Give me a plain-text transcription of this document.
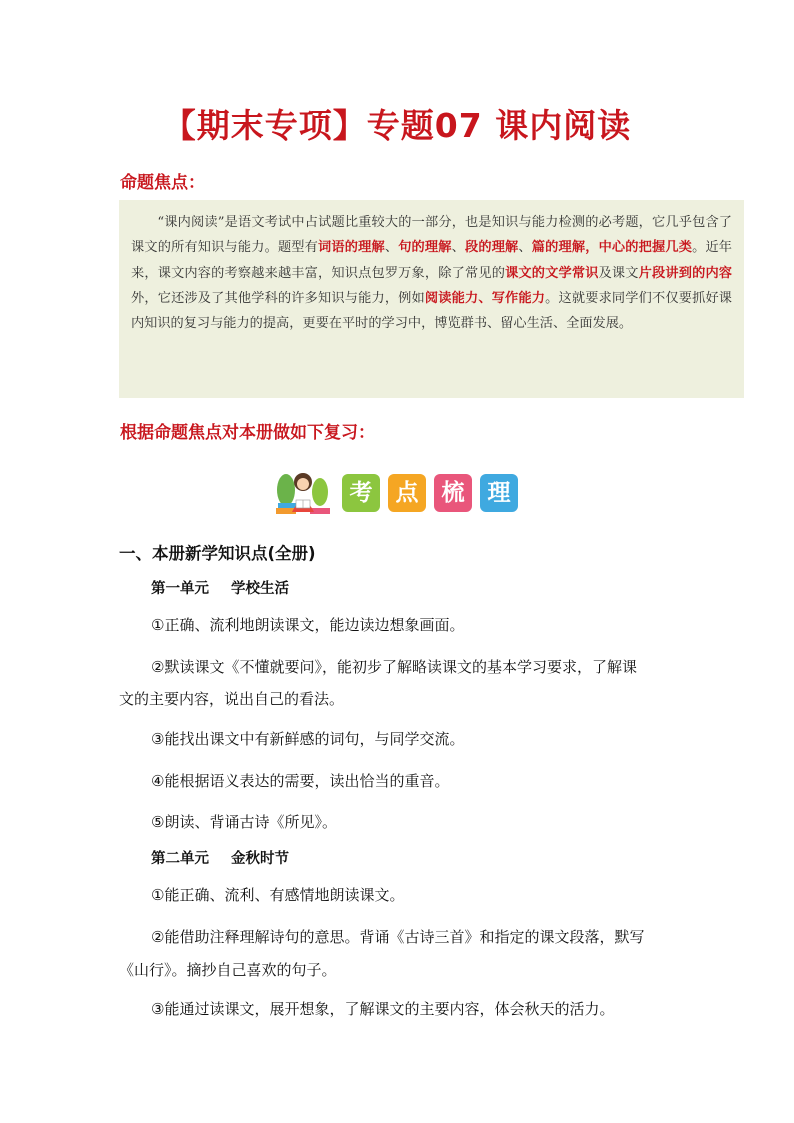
【期末专项】专题07 课内阅读
命题焦点：

“课内阅读”是语文考试中占试题比重较大的一部分，也是知识与能力检测的必考题，它几乎包含了课文的所有知识与能力。题型有词语的理解、句的理解、段的理解、篇的理解，中心的把握几类。近年来，课文内容的考察越来越丰富，知识点包罗万象，除了常见的课文的文学常识及课文片段讲到的内容外，它还涉及了其他学科的许多知识与能力，例如阅读能力、写作能力。这就要求同学们不仅要抓好课内知识的复习与能力的提高，更要在平时的学习中，博览群书、留心生活、全面发展。

根据命题焦点对本册做如下复习：
考	点	梳	理
一、本册新学知识点(全册)
第一单元 学校生活
①正确、流利地朗读课文，能边读边想象画面。
②默读课文《不懂就要问》，能初步了解略读课文的基本学习要求，了解课
文的主要内容，说出自己的看法。
③能找出课文中有新鲜感的词句，与同学交流。
④能根据语义表达的需要，读出恰当的重音。
⑤朗读、背诵古诗《所见》。
第二单元 金秋时节
①能正确、流利、有感情地朗读课文。
②能借助注释理解诗句的意思。背诵《古诗三首》和指定的课文段落，默写
《山行》。摘抄自己喜欢的句子。
③能通过读课文，展开想象，了解课文的主要内容，体会秋天的活力。
